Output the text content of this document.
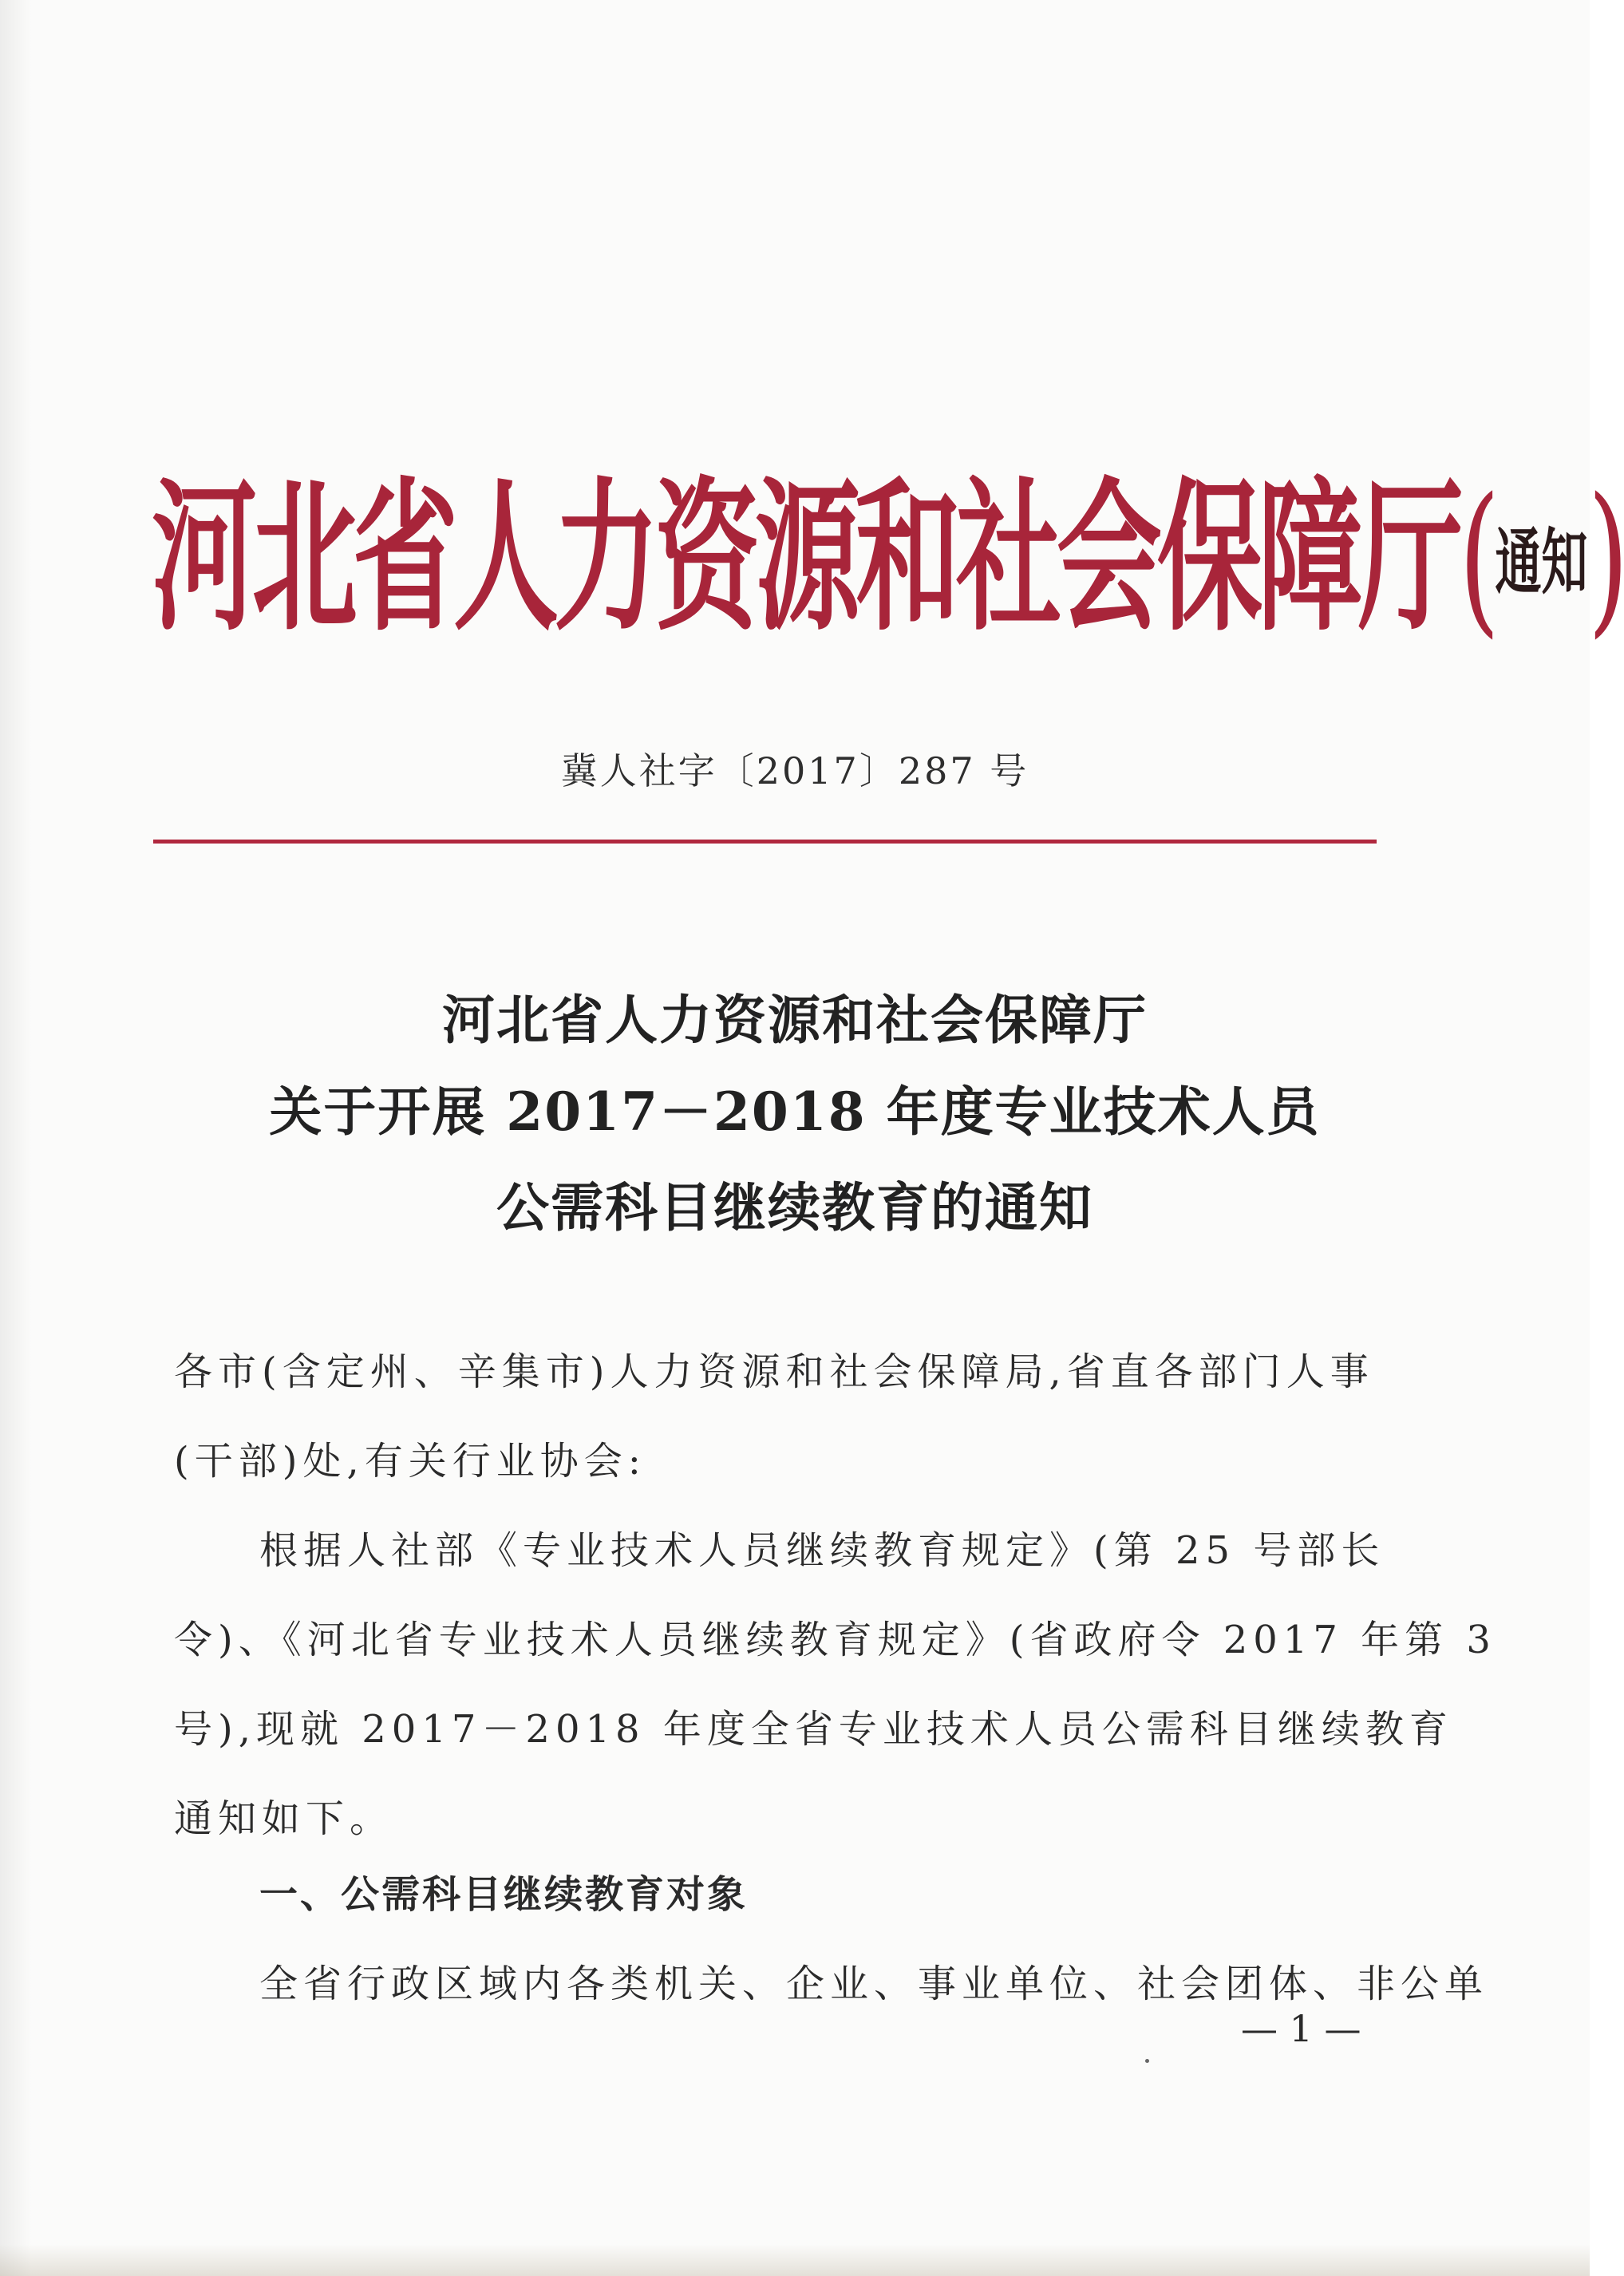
河北省人力资源和社会保障厅(通知)
冀人社字〔2017〕287 号
河北省人力资源和社会保障厅
关于开展 2017－2018 年度专业技术人员
公需科目继续教育的通知
各市(含定州、辛集市)人力资源和社会保障局,省直各部门人事
(干部)处,有关行业协会:
根据人社部《专业技术人员继续教育规定》(第 25 号部长
令)、《河北省专业技术人员继续教育规定》(省政府令 2017 年第 3
号),现就 2017－2018 年度全省专业技术人员公需科目继续教育
通知如下。
一、公需科目继续教育对象
全省行政区域内各类机关、企业、事业单位、社会团体、非公单
— 1 —
